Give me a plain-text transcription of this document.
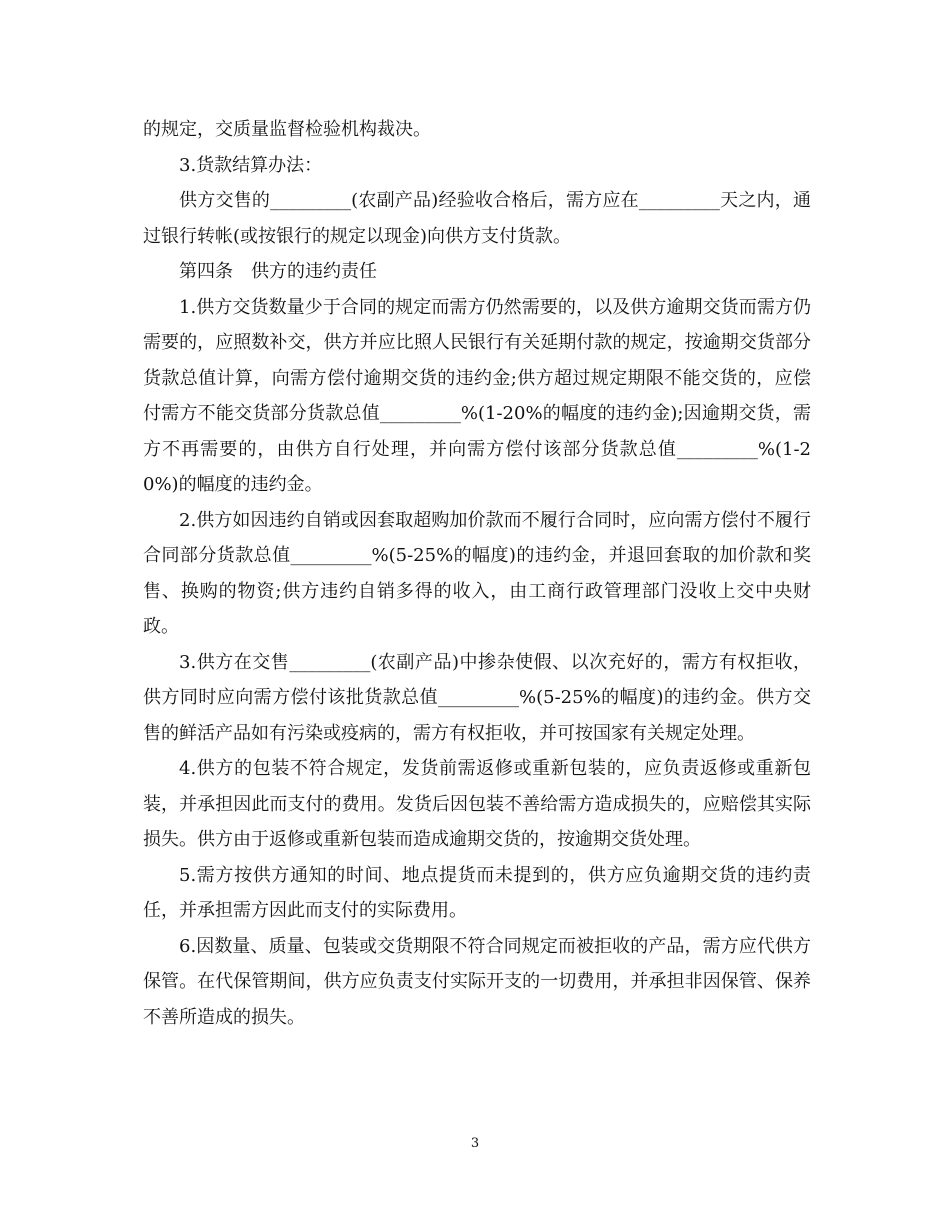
的规定，交质量监督检验机构裁决。

3.货款结算办法：

供方交售的_________(农副产品)经验收合格后，需方应在_________天之内，通过银行转帐(或按银行的规定以现金)向供方支付货款。

第四条　供方的违约责任

1.供方交货数量少于合同的规定而需方仍然需要的，以及供方逾期交货而需方仍需要的，应照数补交，供方并应比照人民银行有关延期付款的规定，按逾期交货部分货款总值计算，向需方偿付逾期交货的违约金;供方超过规定期限不能交货的，应偿付需方不能交货部分货款总值_________%(1-20%的幅度的违约金);因逾期交货，需方不再需要的，由供方自行处理，并向需方偿付该部分货款总值_________%(1-20%)的幅度的违约金。

2.供方如因违约自销或因套取超购加价款而不履行合同时，应向需方偿付不履行合同部分货款总值_________%(5-25%的幅度)的违约金，并退回套取的加价款和奖售、换购的物资;供方违约自销多得的收入，由工商行政管理部门没收上交中央财政。

3.供方在交售_________(农副产品)中掺杂使假、以次充好的，需方有权拒收，供方同时应向需方偿付该批货款总值_________%(5-25%的幅度)的违约金。供方交售的鲜活产品如有污染或疫病的，需方有权拒收，并可按国家有关规定处理。

4.供方的包装不符合规定，发货前需返修或重新包装的，应负责返修或重新包装，并承担因此而支付的费用。发货后因包装不善给需方造成损失的，应赔偿其实际损失。供方由于返修或重新包装而造成逾期交货的，按逾期交货处理。

5.需方按供方通知的时间、地点提货而未提到的，供方应负逾期交货的违约责任，并承担需方因此而支付的实际费用。

6.因数量、质量、包装或交货期限不符合同规定而被拒收的产品，需方应代供方保管。在代保管期间，供方应负责支付实际开支的一切费用，并承担非因保管、保养不善所造成的损失。

3
